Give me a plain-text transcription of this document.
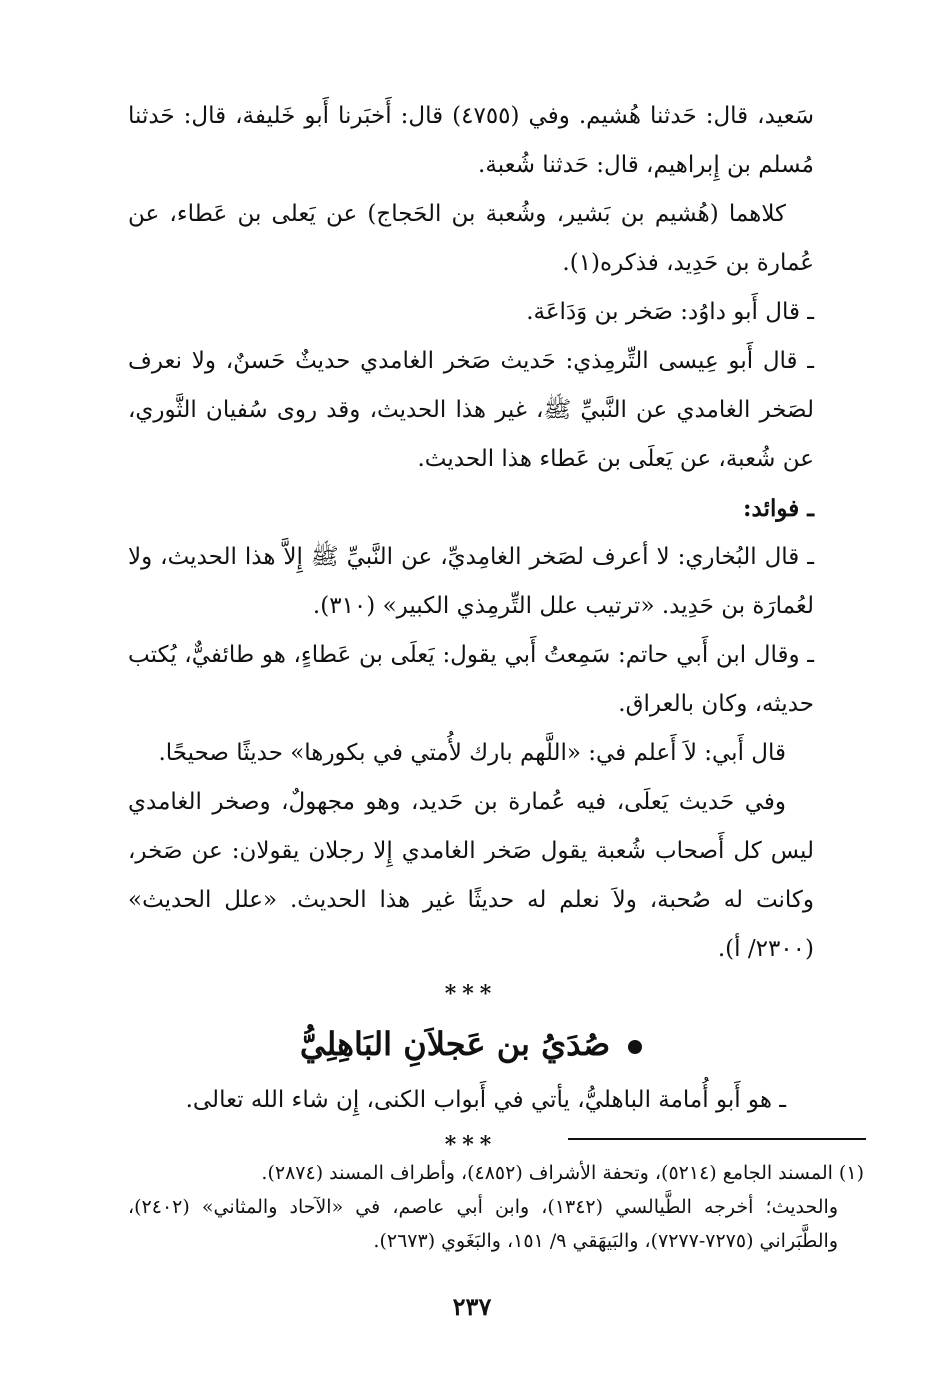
سَعيد، قال: حَدثنا هُشيم. وفي (٤٧٥٥) قال: أَخبَرنا أَبو خَليفة، قال: حَدثنا مُسلم بن إِبراهيم، قال: حَدثنا شُعبة.

كلاهما (هُشيم بن بَشير، وشُعبة بن الحَجاج) عن يَعلى بن عَطاء، عن عُمارة بن حَدِيد، فذكره(١).

ـ قال أَبو داوُد: صَخر بن وَدَاعَة.

ـ قال أَبو عِيسى التِّرمِذي: حَديث صَخر الغامدي حديثٌ حَسنٌ، ولا نعرف لصَخر الغامدي عن النَّبيِّ ﷺ، غير هذا الحديث، وقد روى سُفيان الثَّوري، عن شُعبة، عن يَعلَى بن عَطاء هذا الحديث.

ـ فوائد:

ـ قال البُخاري: لا أعرف لصَخر الغامِديِّ، عن النَّبيِّ ﷺ إِلاَّ هذا الحديث، ولا لعُمارَة بن حَدِيد. «ترتيب علل التِّرمِذي الكبير» (٣١٠).

ـ وقال ابن أَبي حاتم: سَمِعتُ أَبي يقول: يَعلَى بن عَطاءٍ، هو طائفيٌّ، يُكتب حديثه، وكان بالعراق.

قال أَبي: لاَ أَعلم في: «اللَّهم بارك لأُمتي في بكورها» حديثًا صحيحًا.

وفي حَديث يَعلَى، فيه عُمارة بن حَديد، وهو مجهولٌ، وصخر الغامدي ليس كل أَصحاب شُعبة يقول صَخر الغامدي إِلا رجلان يقولان: عن صَخر، وكانت له صُحبة، ولاَ نعلم له حديثًا غير هذا الحديث. «علل الحديث» (٢٣٠٠/ أ).

***

صُدَيُ بن عَجلاَنِ البَاهِلِيُّ

ـ هو أَبو أُمامة الباهليُّ، يأتي في أَبواب الكنى، إِن شاء الله تعالى.

***

(١) المسند الجامع (٥٢١٤)، وتحفة الأشراف (٤٨٥٢)، وأطراف المسند (٢٨٧٤).

والحديث؛ أخرجه الطَّيالسي (١٣٤٢)، وابن أبي عاصم، في «الآحاد والمثاني» (٢٤٠٢)، والطَّبَراني (٧٢٧٥-٧٢٧٧)، والبَيهَقي ٩/ ١٥١، والبَغَوي (٢٦٧٣).

٢٣٧
